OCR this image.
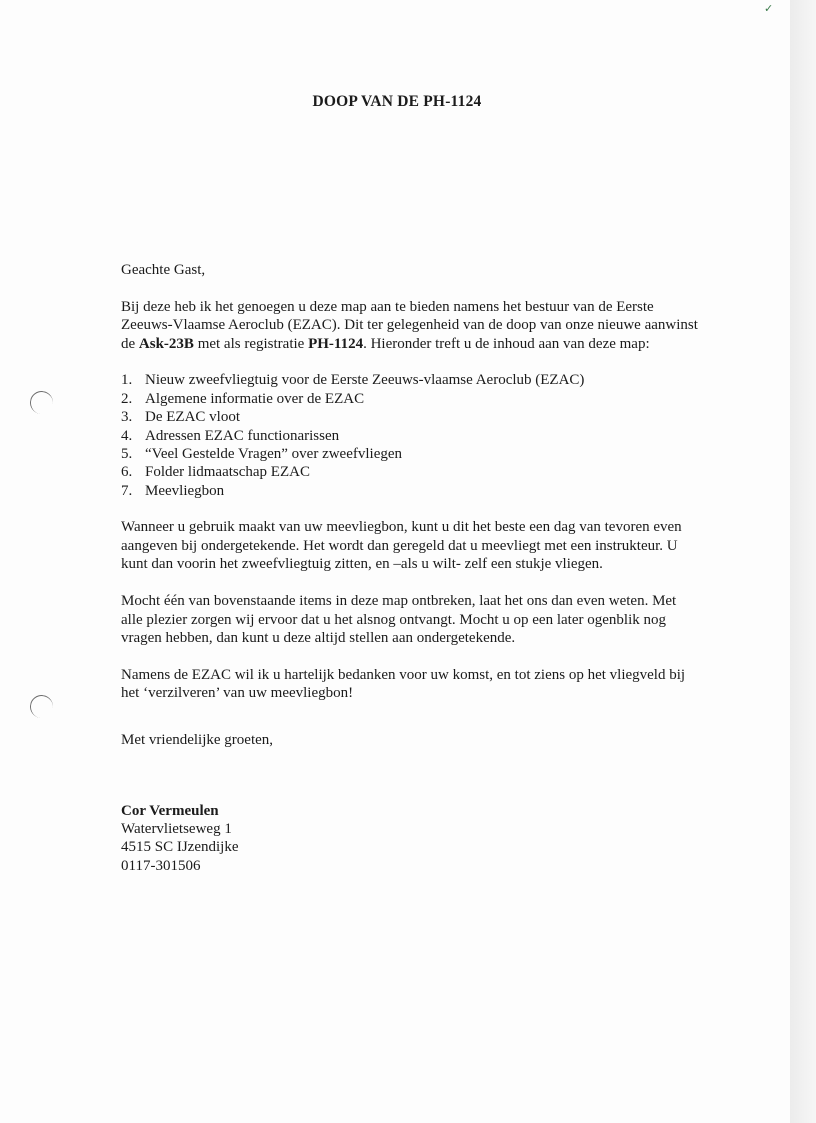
✓
DOOP VAN DE PH-1124

Geachte Gast,

Bij deze heb ik het genoegen u deze map aan te bieden namens het bestuur van de Eerste Zeeuws-Vlaamse Aeroclub (EZAC). Dit ter gelegenheid van de doop van onze nieuwe aanwinst de Ask-23B met als registratie PH-1124. Hieronder treft u de inhoud aan van deze map:

1. Nieuw zweefvliegtuig voor de Eerste Zeeuws-vlaamse Aeroclub (EZAC)
2. Algemene informatie over de EZAC
3. De EZAC vloot
4. Adressen EZAC functionarissen
5. “Veel Gestelde Vragen” over zweefvliegen
6. Folder lidmaatschap EZAC
7. Meevliegbon

Wanneer u gebruik maakt van uw meevliegbon, kunt u dit het beste een dag van tevoren even aangeven bij ondergetekende. Het wordt dan geregeld dat u meevliegt met een instrukteur. U kunt dan voorin het zweefvliegtuig zitten, en –als u wilt- zelf een stukje vliegen.

Mocht één van bovenstaande items in deze map ontbreken, laat het ons dan even weten. Met alle plezier zorgen wij ervoor dat u het alsnog ontvangt. Mocht u op een later ogenblik nog vragen hebben, dan kunt u deze altijd stellen aan ondergetekende.

Namens de EZAC wil ik u hartelijk bedanken voor uw komst, en tot ziens op het vliegveld bij het ‘verzilveren’ van uw meevliegbon!

Met vriendelijke groeten,

Cor Vermeulen
Watervlietseweg 1
4515 SC IJzendijke
0117-301506
